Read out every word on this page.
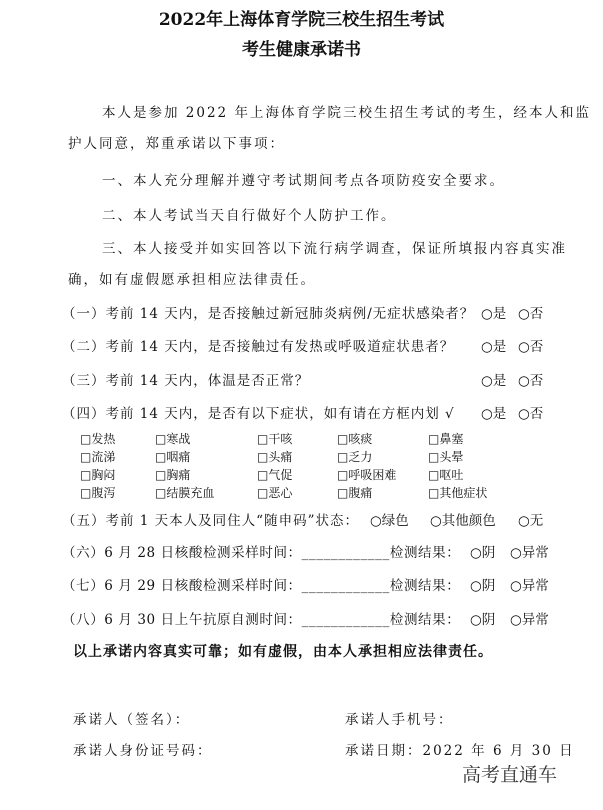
2022年上海体育学院三校生招生考试
考生健康承诺书
本人是参加 2022 年上海体育学院三校生招生考试的考生，经本人和监
护人同意，郑重承诺以下事项：
一、本人充分理解并遵守考试期间考点各项防疫安全要求。
二、本人考试当天自行做好个人防护工作。
三、本人接受并如实回答以下流行病学调查，保证所填报内容真实准
确，如有虚假愿承担相应法律责任。
（一）考前 14 天内，是否接触过新冠肺炎病例/无症状感染者？ ○是 ○否
（二）考前 14 天内，是否接触过有发热或呼吸道症状患者？ ○是 ○否
（三）考前 14 天内，体温是否正常？	○是 ○否
（四）考前 14 天内，是否有以下症状，如有请在方框内划 √ ○是 ○否
□发热	□寒战	□干咳	□咳痰	□鼻塞
□流涕	□咽痛	□头痛	□乏力	□头晕
□胸闷	□胸痛	□气促	□呼吸困难	□呕吐
□腹泻	□结膜充血	□恶心	□腹痛	□其他症状
（五）考前 1 天本人及同住人“随申码”状态： ○绿色 ○其他颜色 ○无
（六）6 月 28 日核酸检测采样时间：____________检测结果： ○阴 ○异常
（七）6 月 29 日核酸检测采样时间：____________检测结果： ○阴 ○异常
（八）6 月 30 日上午抗原自测时间：____________检测结果： ○阴 ○异常
以上承诺内容真实可靠；如有虚假，由本人承担相应法律责任。
承诺人（签名）：	承诺人手机号：
承诺人身份证号码：	承诺日期：2022 年 6 月 30 日
高考直通车
